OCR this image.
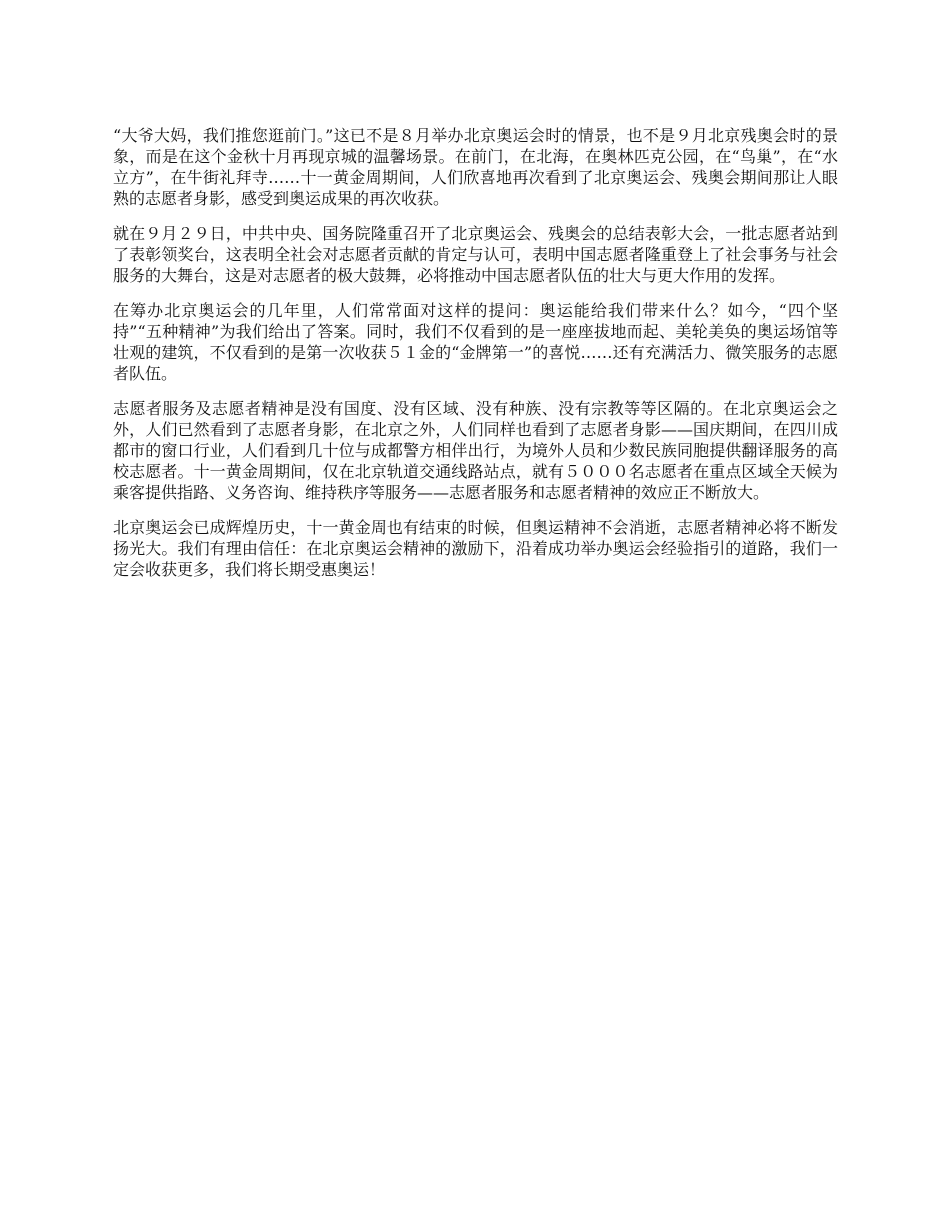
“大爷大妈，我们推您逛前门。”这已不是８月举办北京奥运会时的情景，也不是９月北京残奥会时的景象，而是在这个金秋十月再现京城的温馨场景。在前门，在北海，在奥林匹克公园，在“鸟巢”，在“水立方”，在牛街礼拜寺……十一黄金周期间，人们欣喜地再次看到了北京奥运会、残奥会期间那让人眼熟的志愿者身影，感受到奥运成果的再次收获。

就在９月２９日，中共中央、国务院隆重召开了北京奥运会、残奥会的总结表彰大会，一批志愿者站到了表彰领奖台，这表明全社会对志愿者贡献的肯定与认可，表明中国志愿者隆重登上了社会事务与社会服务的大舞台，这是对志愿者的极大鼓舞，必将推动中国志愿者队伍的壮大与更大作用的发挥。

在筹办北京奥运会的几年里，人们常常面对这样的提问：奥运能给我们带来什么？如今，“四个坚持”“五种精神”为我们给出了答案。同时，我们不仅看到的是一座座拔地而起、美轮美奂的奥运场馆等壮观的建筑，不仅看到的是第一次收获５１金的“金牌第一”的喜悦……还有充满活力、微笑服务的志愿者队伍。

志愿者服务及志愿者精神是没有国度、没有区域、没有种族、没有宗教等等区隔的。在北京奥运会之外，人们已然看到了志愿者身影，在北京之外，人们同样也看到了志愿者身影——国庆期间，在四川成都市的窗口行业，人们看到几十位与成都警方相伴出行，为境外人员和少数民族同胞提供翻译服务的高校志愿者。十一黄金周期间，仅在北京轨道交通线路站点，就有５０００名志愿者在重点区域全天候为乘客提供指路、义务咨询、维持秩序等服务——志愿者服务和志愿者精神的效应正不断放大。

北京奥运会已成辉煌历史，十一黄金周也有结束的时候，但奥运精神不会消逝，志愿者精神必将不断发扬光大。我们有理由信任：在北京奥运会精神的激励下，沿着成功举办奥运会经验指引的道路，我们一定会收获更多，我们将长期受惠奥运！
